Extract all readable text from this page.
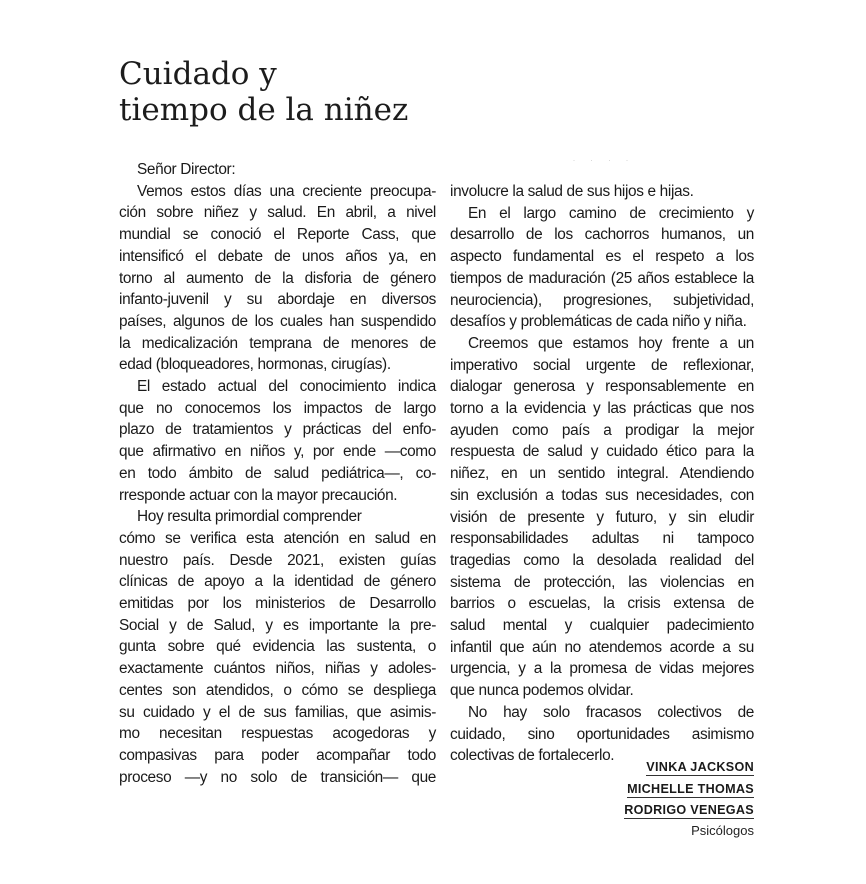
Cuidado y
tiempo de la niñez
· · · ·
Señor Director:

Vemos estos días una creciente preocupa-
ción sobre niñez y salud. En abril, a nivel
mundial se conoció el Reporte Cass, que
intensificó el debate de unos años ya, en
torno al aumento de la disforia de género
infanto-juvenil y su abordaje en diversos
países, algunos de los cuales han suspendido
la medicalización temprana de menores de
edad (bloqueadores, hormonas, cirugías).

El estado actual del conocimiento indica
que no conocemos los impactos de largo
plazo de tratamientos y prácticas del enfo-
que afirmativo en niños y, por ende —como
en todo ámbito de salud pediátrica—, co-
rresponde actuar con la mayor precaución.

Hoy resulta primordial comprender
cómo se verifica esta atención en salud en
nuestro país. Desde 2021, existen guías
clínicas de apoyo a la identidad de género
emitidas por los ministerios de Desarrollo
Social y de Salud, y es importante la pre-
gunta sobre qué evidencia las sustenta, o
exactamente cuántos niños, niñas y adoles-
centes son atendidos, o cómo se despliega
su cuidado y el de sus familias, que asimis-
mo necesitan respuestas acogedoras y
compasivas para poder acompañar todo
proceso —y no solo de transición— que

involucre la salud de sus hijos e hijas.

En el largo camino de crecimiento y
desarrollo de los cachorros humanos, un
aspecto fundamental es el respeto a los
tiempos de maduración (25 años establece la
neurociencia), progresiones, subjetividad,
desafíos y problemáticas de cada niño y niña.

Creemos que estamos hoy frente a un
imperativo social urgente de reflexionar,
dialogar generosa y responsablemente en
torno a la evidencia y las prácticas que nos
ayuden como país a prodigar la mejor
respuesta de salud y cuidado ético para la
niñez, en un sentido integral. Atendiendo
sin exclusión a todas sus necesidades, con
visión de presente y futuro, y sin eludir
responsabilidades adultas ni tampoco
tragedias como la desolada realidad del
sistema de protección, las violencias en
barrios o escuelas, la crisis extensa de
salud mental y cualquier padecimiento
infantil que aún no atendemos acorde a su
urgencia, y a la promesa de vidas mejores
que nunca podemos olvidar.

No hay solo fracasos colectivos de
cuidado, sino oportunidades asimismo
colectivas de fortalecerlo.

VINKA JACKSON
MICHELLE THOMAS
RODRIGO VENEGAS
Psicólogos
